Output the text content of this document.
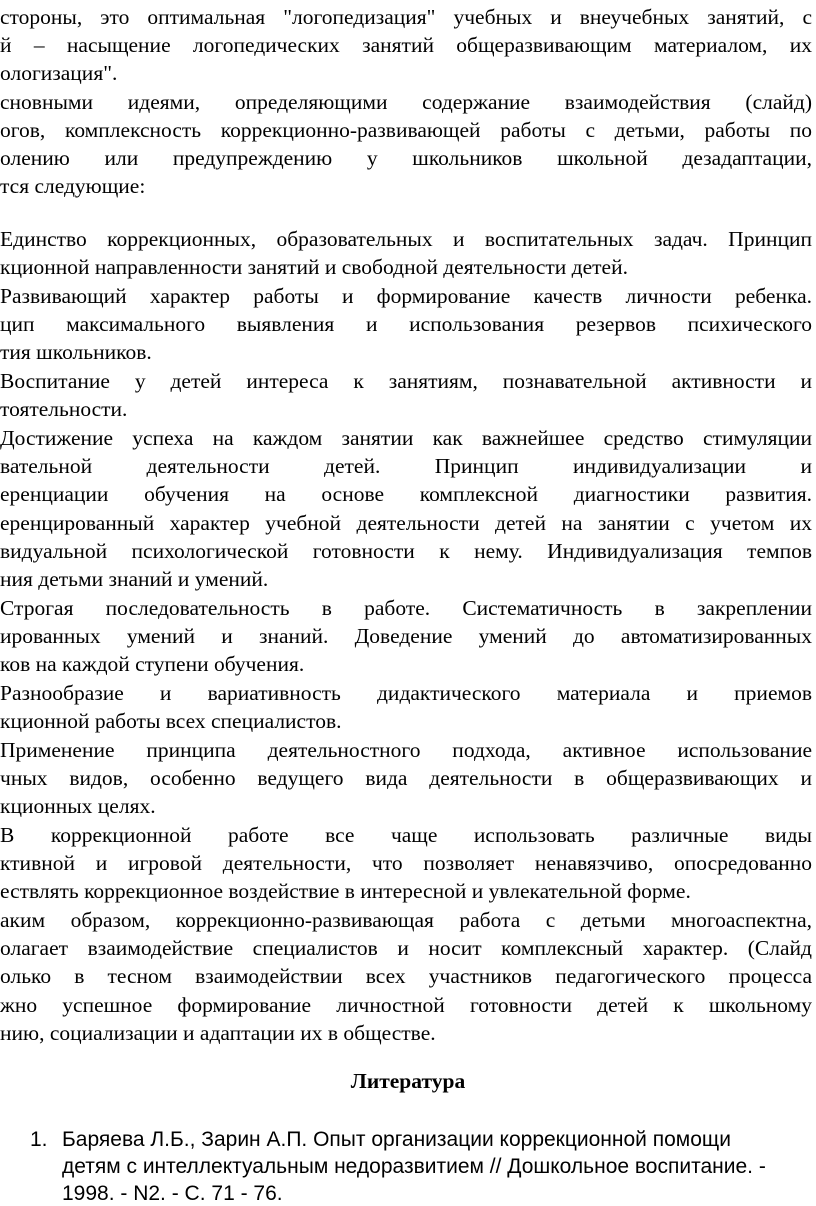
стороны, это оптимальная "логопедизация" учебных и внеучебных занятий, с

й – насыщение логопедических занятий общеразвивающим материалом, их

ологизация".

сновными идеями, определяющими содержание взаимодействия (слайд)

огов, комплексность коррекционно-развивающей работы с детьми, работы по

олению или предупреждению у школьников школьной дезадаптации,

тся следующие:

Единство коррекционных, образовательных и воспитательных задач. Принцип

кционной направленности занятий и свободной деятельности детей.

Развивающий характер работы и формирование качеств личности ребенка.

цип максимального выявления и использования резервов психического

тия школьников.

Воспитание у детей интереса к занятиям, познавательной активности и

тоятельности.

Достижение успеха на каждом занятии как важнейшее средство стимуляции

вательной деятельности детей. Принцип индивидуализации и

еренциации обучения на основе комплексной диагностики развития.

еренцированный характер учебной деятельности детей на занятии с учетом их

видуальной психологической готовности к нему. Индивидуализация темпов

ния детьми знаний и умений.

Строгая последовательность в работе. Систематичность в закреплении

ированных умений и знаний. Доведение умений до автоматизированных

ков на каждой ступени обучения.

Разнообразие и вариативность дидактического материала и приемов

кционной работы всех специалистов.

Применение принципа деятельностного подхода, активное использование

чных видов, особенно ведущего вида деятельности в общеразвивающих и

кционных целях.

В коррекционной работе все чаще использовать различные виды

ктивной и игровой деятельности, что позволяет ненавязчиво, опосредованно

ествлять коррекционное воздействие в интересной и увлекательной форме.

аким образом, коррекционно-развивающая работа с детьми многоаспектна,

олагает взаимодействие специалистов и носит комплексный характер. (Слайд

олько в тесном взаимодействии всех участников педагогического процесса

жно успешное формирование личностной готовности детей к школьному

нию, социализации и адаптации их в обществе.

Литература
1. Баряева Л.Б., Зарин А.П. Опыт организации коррекционной помощи
детям с интеллектуальным недоразвитием // Дошкольное воспитание. -
1998. - N2. - С. 71 - 76.
